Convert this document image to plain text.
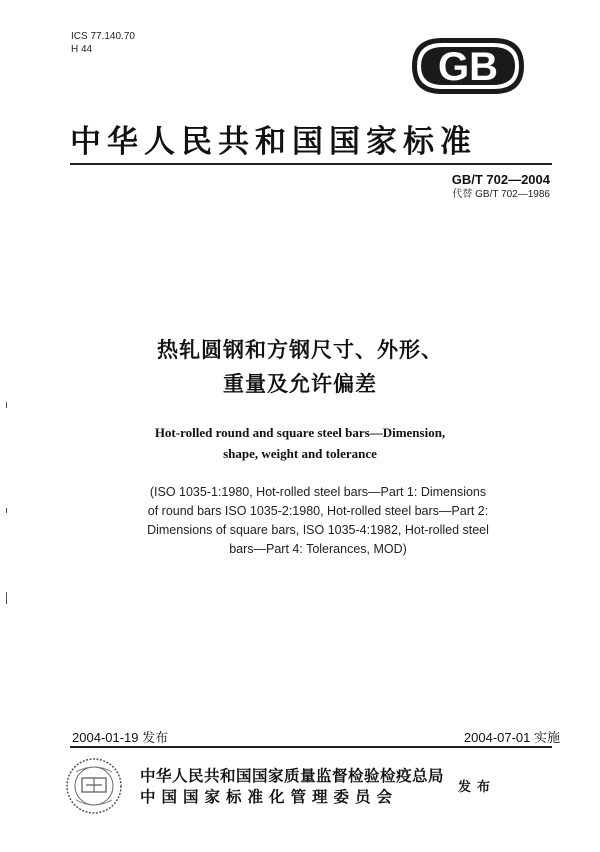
ICS 77.140.70
H 44	GB
中华人民共和国国家标准
GB/T 702—2004
代替 GB/T 702—1986
热轧圆钢和方钢尺寸、外形、
重量及允许偏差
Hot-rolled round and square steel bars—Dimension,
shape, weight and tolerance
(ISO 1035-1:1980, Hot-rolled steel bars—Part 1: Dimensions
of round bars ISO 1035-2:1980, Hot-rolled steel bars—Part 2:
Dimensions of square bars, ISO 1035-4:1982, Hot-rolled steel
bars—Part 4: Tolerances, MOD)
2004-01-19 发布	2004-07-01 实施
中华人民共和国国家质量监督检验检疫总局
中国国家标准化管理委员会
发布
